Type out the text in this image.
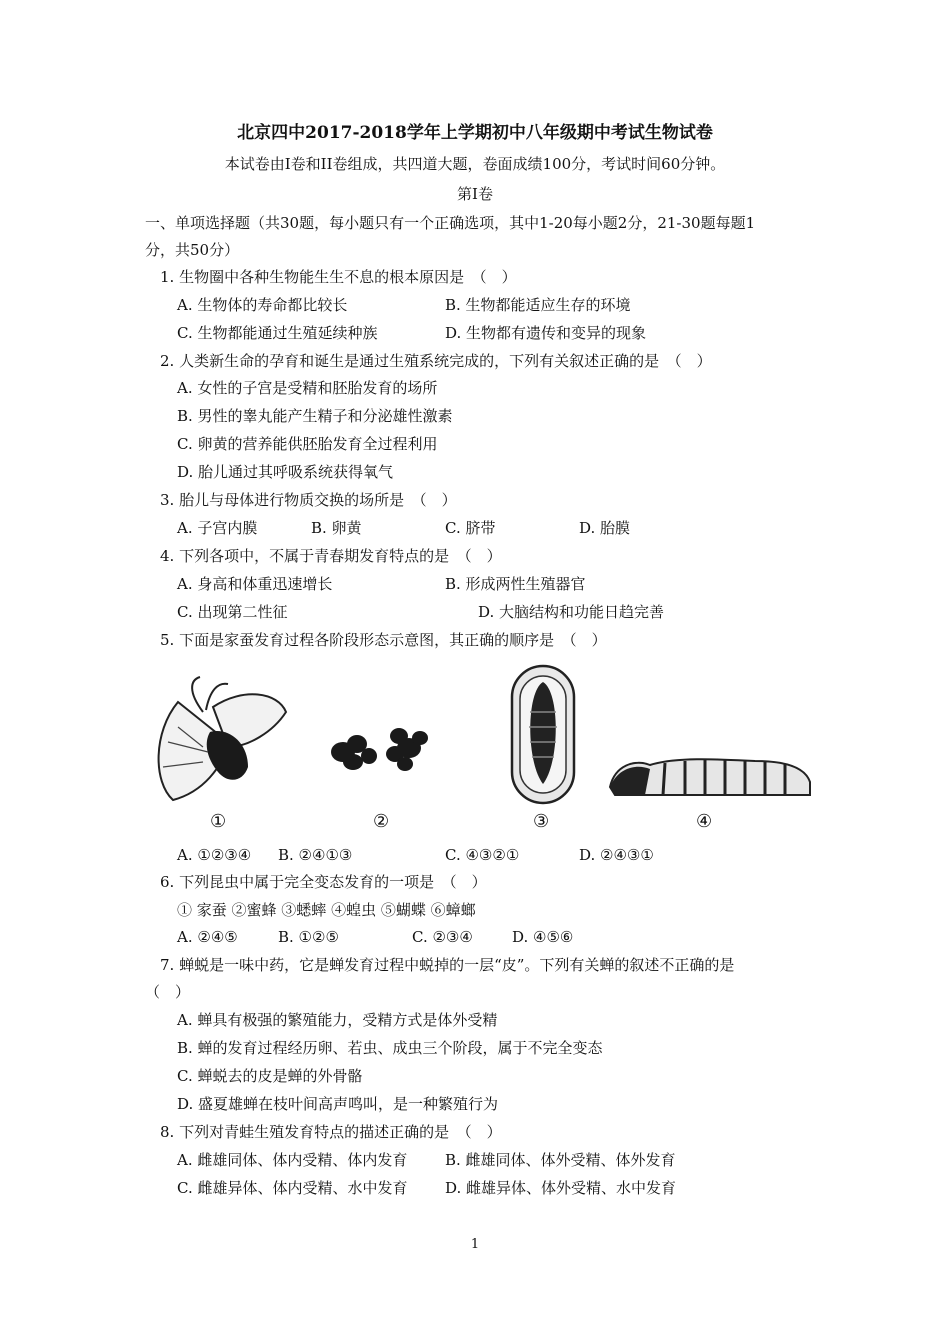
北京四中2017-2018学年上学期初中八年级期中考试生物试卷
本试卷由I卷和II卷组成，共四道大题，卷面成绩100分，考试时间60分钟。
第I卷
一、单项选择题（共30题，每小题只有一个正确选项，其中1-20每小题2分，21-30题每题1
分，共50分）
1. 生物圈中各种生物能生生不息的根本原因是　（　）
A. 生物体的寿命都比较长	B. 生物都能适应生存的环境
C. 生物都能通过生殖延续种族	D. 生物都有遗传和变异的现象
2. 人类新生命的孕育和诞生是通过生殖系统完成的，下列有关叙述正确的是　（　）
A. 女性的子宫是受精和胚胎发育的场所
B. 男性的睾丸能产生精子和分泌雄性激素
C. 卵黄的营养能供胚胎发育全过程利用
D. 胎儿通过其呼吸系统获得氧气
3. 胎儿与母体进行物质交换的场所是　（　）
A. 子宫内膜	B. 卵黄	C. 脐带	D. 胎膜
4. 下列各项中，不属于青春期发育特点的是　（　）
A. 身高和体重迅速增长	B. 形成两性生殖器官
C. 出现第二性征	D. 大脑结构和功能日趋完善
5. 下面是家蚕发育过程各阶段形态示意图，其正确的顺序是　（　）
①	②	③	④
A. ①②③④ B. ②④①③	C. ④③②①	D. ②④③①
6. 下列昆虫中属于完全变态发育的一项是　（　）
① 家蚕 ②蜜蜂 ③蟋蟀 ④蝗虫 ⑤蝴蝶 ⑥蟑螂
A. ②④⑤	B. ①②⑤	C. ②③④	D. ④⑤⑥
7. 蝉蜕是一味中药，它是蝉发育过程中蜕掉的一层“皮”。下列有关蝉的叙述不正确的是
（　）
A. 蝉具有极强的繁殖能力，受精方式是体外受精
B. 蝉的发育过程经历卵、若虫、成虫三个阶段，属于不完全变态
C. 蝉蜕去的皮是蝉的外骨骼
D. 盛夏雄蝉在枝叶间高声鸣叫，是一种繁殖行为
8. 下列对青蛙生殖发育特点的描述正确的是　（　）
A. 雌雄同体、体内受精、体内发育	B. 雌雄同体、体外受精、体外发育
C. 雌雄异体、体内受精、水中发育	D. 雌雄异体、体外受精、水中发育
1
